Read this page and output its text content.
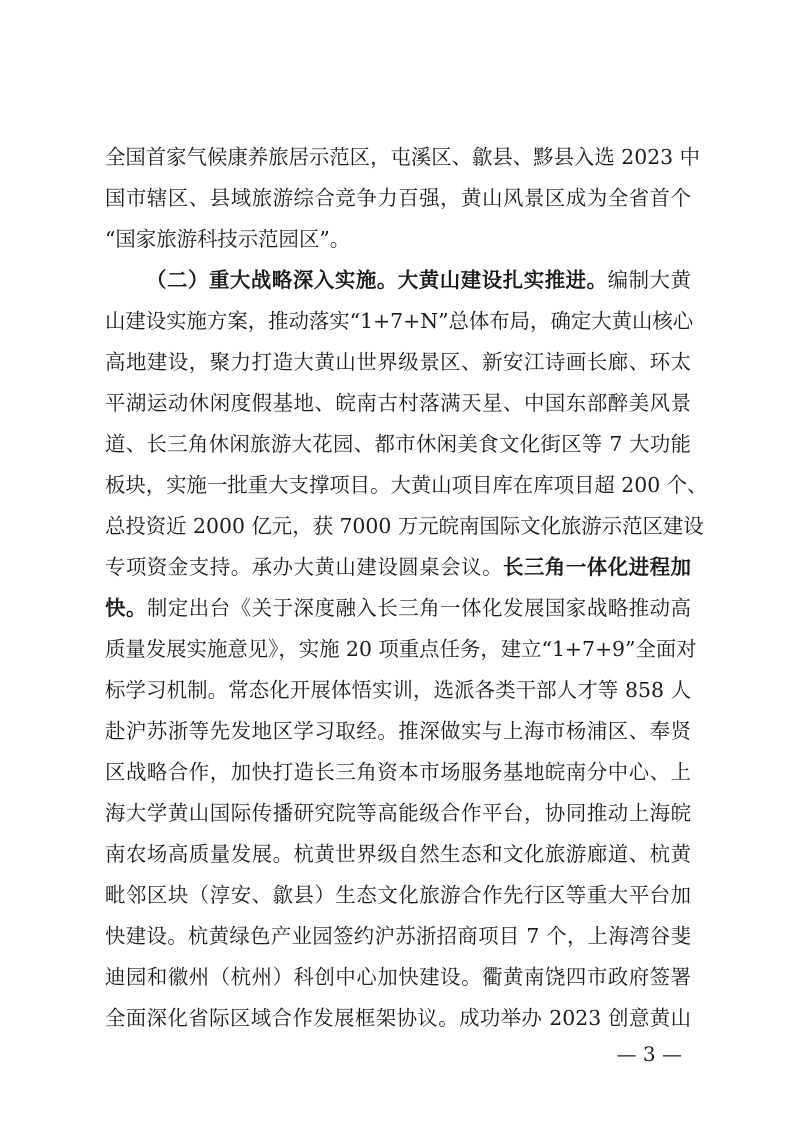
全国首家气候康养旅居示范区，屯溪区、歙县、黟县入选 2023 中
国市辖区、县域旅游综合竞争力百强，黄山风景区成为全省首个
“国家旅游科技示范园区”。
（二）重大战略深入实施。大黄山建设扎实推进。编制大黄
山建设实施方案，推动落实“1+7+N”总体布局，确定大黄山核心
高地建设，聚力打造大黄山世界级景区、新安江诗画长廊、环太
平湖运动休闲度假基地、皖南古村落满天星、中国东部醉美风景
道、长三角休闲旅游大花园、都市休闲美食文化街区等 7 大功能
板块，实施一批重大支撑项目。大黄山项目库在库项目超 200 个、
总投资近 2000 亿元，获 7000 万元皖南国际文化旅游示范区建设
专项资金支持。承办大黄山建设圆桌会议。长三角一体化进程加
快。制定出台《关于深度融入长三角一体化发展国家战略推动高
质量发展实施意见》，实施 20 项重点任务，建立“1+7+9”全面对
标学习机制。常态化开展体悟实训，选派各类干部人才等 858 人
赴沪苏浙等先发地区学习取经。推深做实与上海市杨浦区、奉贤
区战略合作，加快打造长三角资本市场服务基地皖南分中心、上
海大学黄山国际传播研究院等高能级合作平台，协同推动上海皖
南农场高质量发展。杭黄世界级自然生态和文化旅游廊道、杭黄
毗邻区块（淳安、歙县）生态文化旅游合作先行区等重大平台加
快建设。杭黄绿色产业园签约沪苏浙招商项目 7 个，上海湾谷斐
迪园和徽州（杭州）科创中心加快建设。衢黄南饶四市政府签署
全面深化省际区域合作发展框架协议。成功举办 2023 创意黄山
— 3 —
